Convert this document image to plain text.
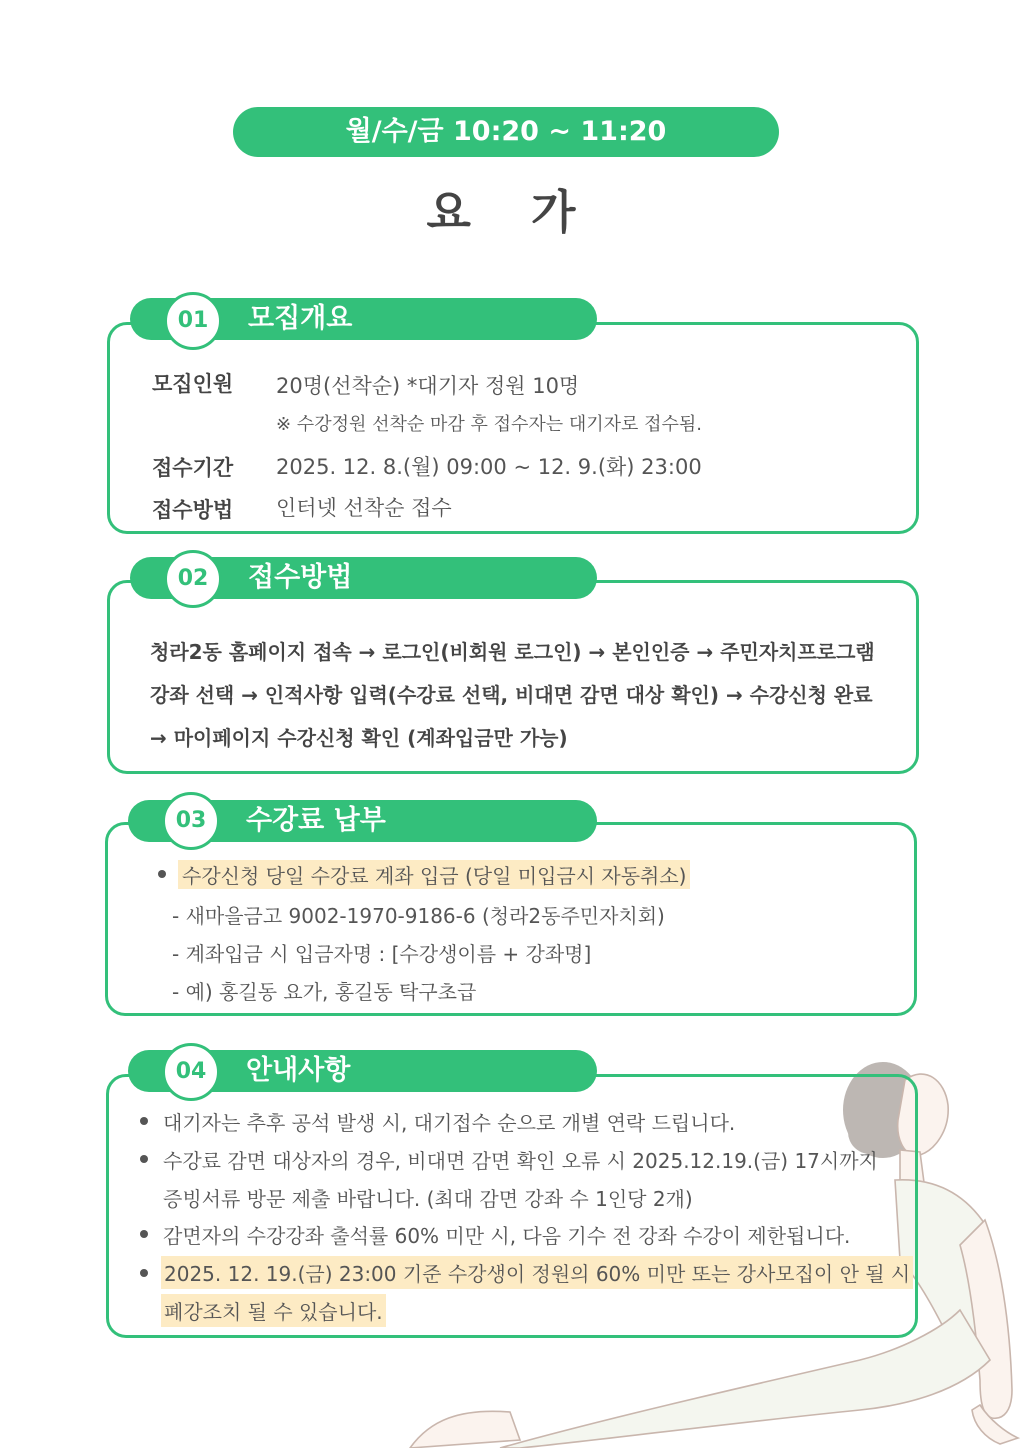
월/수/금 10:20 ~ 11:20
요 가
모집개요
01
모집인원 20명(선착순) *대기자 정원 10명
※ 수강정원 선착순 마감 후 접수자는 대기자로 접수됨.
접수기간 2025. 12. 8.(월) 09:00 ~ 12. 9.(화) 23:00
접수방법 인터넷 선착순 접수
접수방법
02
청라2동 홈페이지 접속 → 로그인(비회원 로그인) → 본인인증 → 주민자치프로그램
강좌 선택 → 인적사항 입력(수강료 선택, 비대면 감면 대상 확인) → 수강신청 완료
→ 마이페이지 수강신청 확인 (계좌입금만 가능)
수강료 납부
03
수강신청 당일 수강료 계좌 입금 (당일 미입금시 자동취소)
- 새마을금고 9002-1970-9186-6 (청라2동주민자치회)
- 계좌입금 시 입금자명 : [수강생이름 + 강좌명]
- 예) 홍길동 요가, 홍길동 탁구초급
안내사항
04
대기자는 추후 공석 발생 시, 대기접수 순으로 개별 연락 드립니다.
수강료 감면 대상자의 경우, 비대면 감면 확인 오류 시 2025.12.19.(금) 17시까지
증빙서류 방문 제출 바랍니다. (최대 감면 강좌 수 1인당 2개)
감면자의 수강강좌 출석률 60% 미만 시, 다음 기수 전 강좌 수강이 제한됩니다.
2025. 12. 19.(금) 23:00 기준 수강생이 정원의 60% 미만 또는 강사모집이 안 될 시
폐강조치 될 수 있습니다.
